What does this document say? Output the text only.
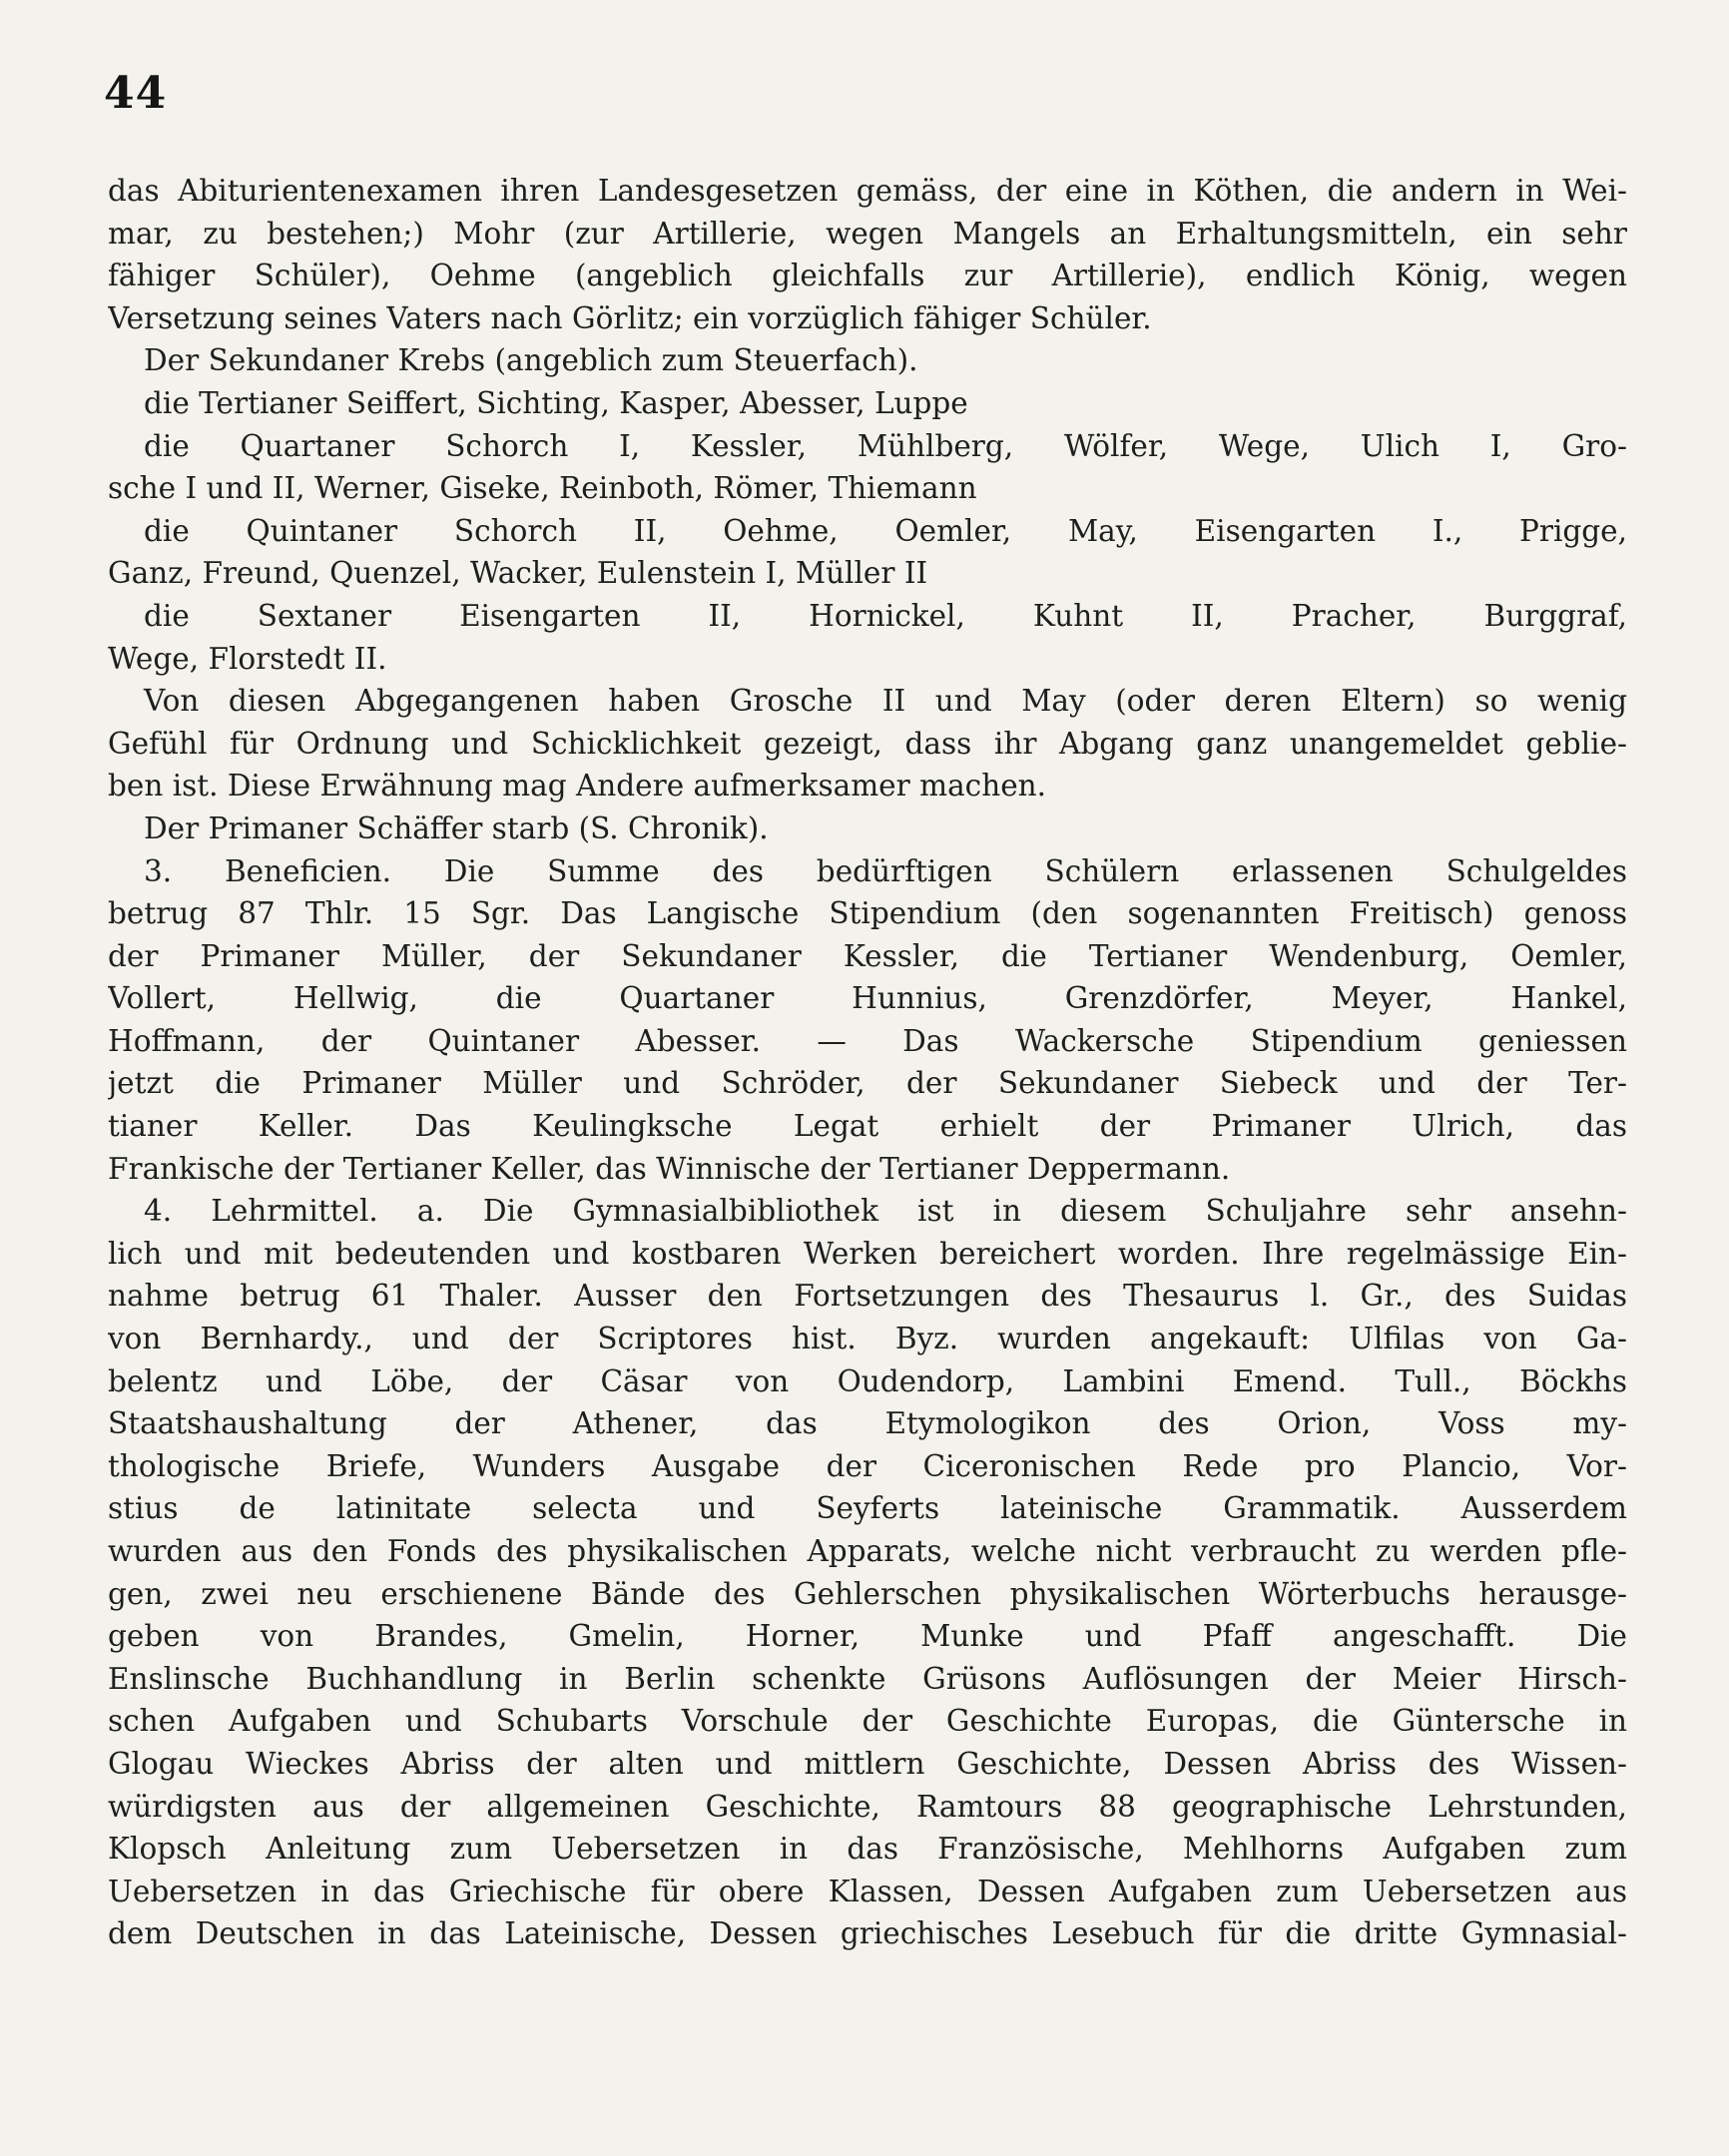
44
das Abiturientenexamen ihren Landesgesetzen gemäss, der eine in Köthen, die andern in Wei-
mar, zu bestehen;) Mohr (zur Artillerie, wegen Mangels an Erhaltungsmitteln, ein sehr
fähiger Schüler), Oehme (angeblich gleichfalls zur Artillerie), endlich König, wegen
Versetzung seines Vaters nach Görlitz; ein vorzüglich fähiger Schüler.
Der Sekundaner Krebs (angeblich zum Steuerfach).
die Tertianer Seiffert, Sichting, Kasper, Abesser, Luppe
die Quartaner Schorch I, Kessler, Mühlberg, Wölfer, Wege, Ulich I, Gro-
sche I und II, Werner, Giseke, Reinboth, Römer, Thiemann
die Quintaner Schorch II, Oehme, Oemler, May, Eisengarten I., Prigge,
Ganz, Freund, Quenzel, Wacker, Eulenstein I, Müller II
die Sextaner Eisengarten II, Hornickel, Kuhnt II, Pracher, Burggraf,
Wege, Florstedt II.
Von diesen Abgegangenen haben Grosche II und May (oder deren Eltern) so wenig
Gefühl für Ordnung und Schicklichkeit gezeigt, dass ihr Abgang ganz unangemeldet geblie-
ben ist. Diese Erwähnung mag Andere aufmerksamer machen.
Der Primaner Schäffer starb (S. Chronik).
3. Beneficien. Die Summe des bedürftigen Schülern erlassenen Schulgeldes
betrug 87 Thlr. 15 Sgr. Das Langische Stipendium (den sogenannten Freitisch) genoss
der Primaner Müller, der Sekundaner Kessler, die Tertianer Wendenburg, Oemler,
Vollert, Hellwig, die Quartaner Hunnius, Grenzdörfer, Meyer, Hankel,
Hoffmann, der Quintaner Abesser. — Das Wackersche Stipendium geniessen
jetzt die Primaner Müller und Schröder, der Sekundaner Siebeck und der Ter-
tianer Keller. Das Keulingksche Legat erhielt der Primaner Ulrich, das
Frankische der Tertianer Keller, das Winnische der Tertianer Deppermann.
4. Lehrmittel. a. Die Gymnasialbibliothek ist in diesem Schuljahre sehr ansehn-
lich und mit bedeutenden und kostbaren Werken bereichert worden. Ihre regelmässige Ein-
nahme betrug 61 Thaler. Ausser den Fortsetzungen des Thesaurus l. Gr., des Suidas
von Bernhardy., und der Scriptores hist. Byz. wurden angekauft: Ulfilas von Ga-
belentz und Löbe, der Cäsar von Oudendorp, Lambini Emend. Tull., Böckhs
Staatshaushaltung der Athener, das Etymologikon des Orion, Voss my-
thologische Briefe, Wunders Ausgabe der Ciceronischen Rede pro Plancio, Vor-
stius de latinitate selecta und Seyferts lateinische Grammatik. Ausserdem
wurden aus den Fonds des physikalischen Apparats, welche nicht verbraucht zu werden pfle-
gen, zwei neu erschienene Bände des Gehlerschen physikalischen Wörterbuchs herausge-
geben von Brandes, Gmelin, Horner, Munke und Pfaff angeschafft. Die
Enslinsche Buchhandlung in Berlin schenkte Grüsons Auflösungen der Meier Hirsch-
schen Aufgaben und Schubarts Vorschule der Geschichte Europas, die Güntersche in
Glogau Wieckes Abriss der alten und mittlern Geschichte, Dessen Abriss des Wissen-
würdigsten aus der allgemeinen Geschichte, Ramtours 88 geographische Lehrstunden,
Klopsch Anleitung zum Uebersetzen in das Französische, Mehlhorns Aufgaben zum
Uebersetzen in das Griechische für obere Klassen, Dessen Aufgaben zum Uebersetzen aus
dem Deutschen in das Lateinische, Dessen griechisches Lesebuch für die dritte Gymnasial-
